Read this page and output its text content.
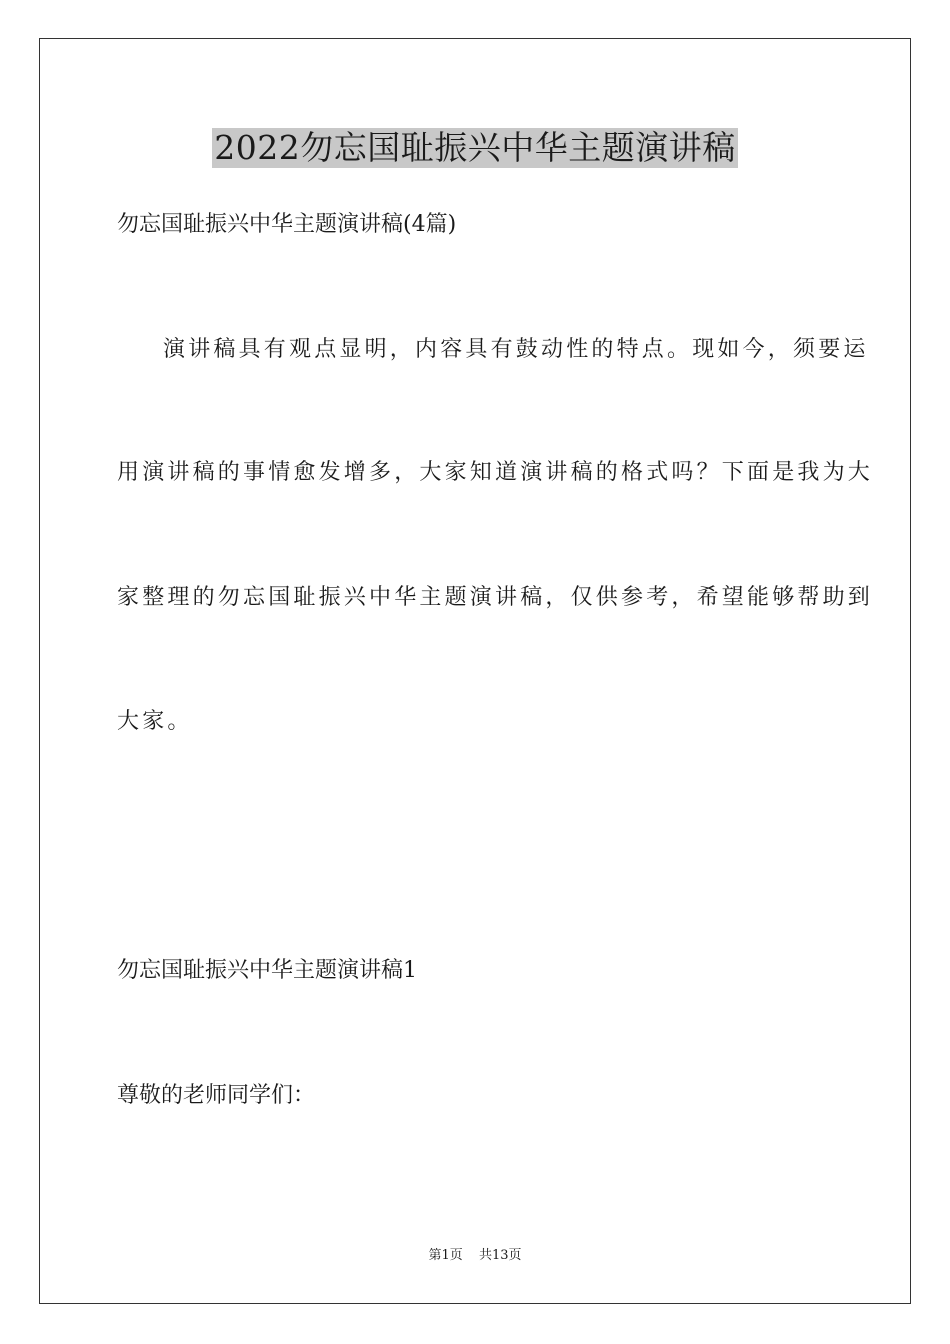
2022勿忘国耻振兴中华主题演讲稿
勿忘国耻振兴中华主题演讲稿(4篇)
演讲稿具有观点显明，内容具有鼓动性的特点。现如今，须要运
用演讲稿的事情愈发增多，大家知道演讲稿的格式吗？下面是我为大
家整理的勿忘国耻振兴中华主题演讲稿，仅供参考，希望能够帮助到
大家。
勿忘国耻振兴中华主题演讲稿1
尊敬的老师同学们：
第1页 共13页
